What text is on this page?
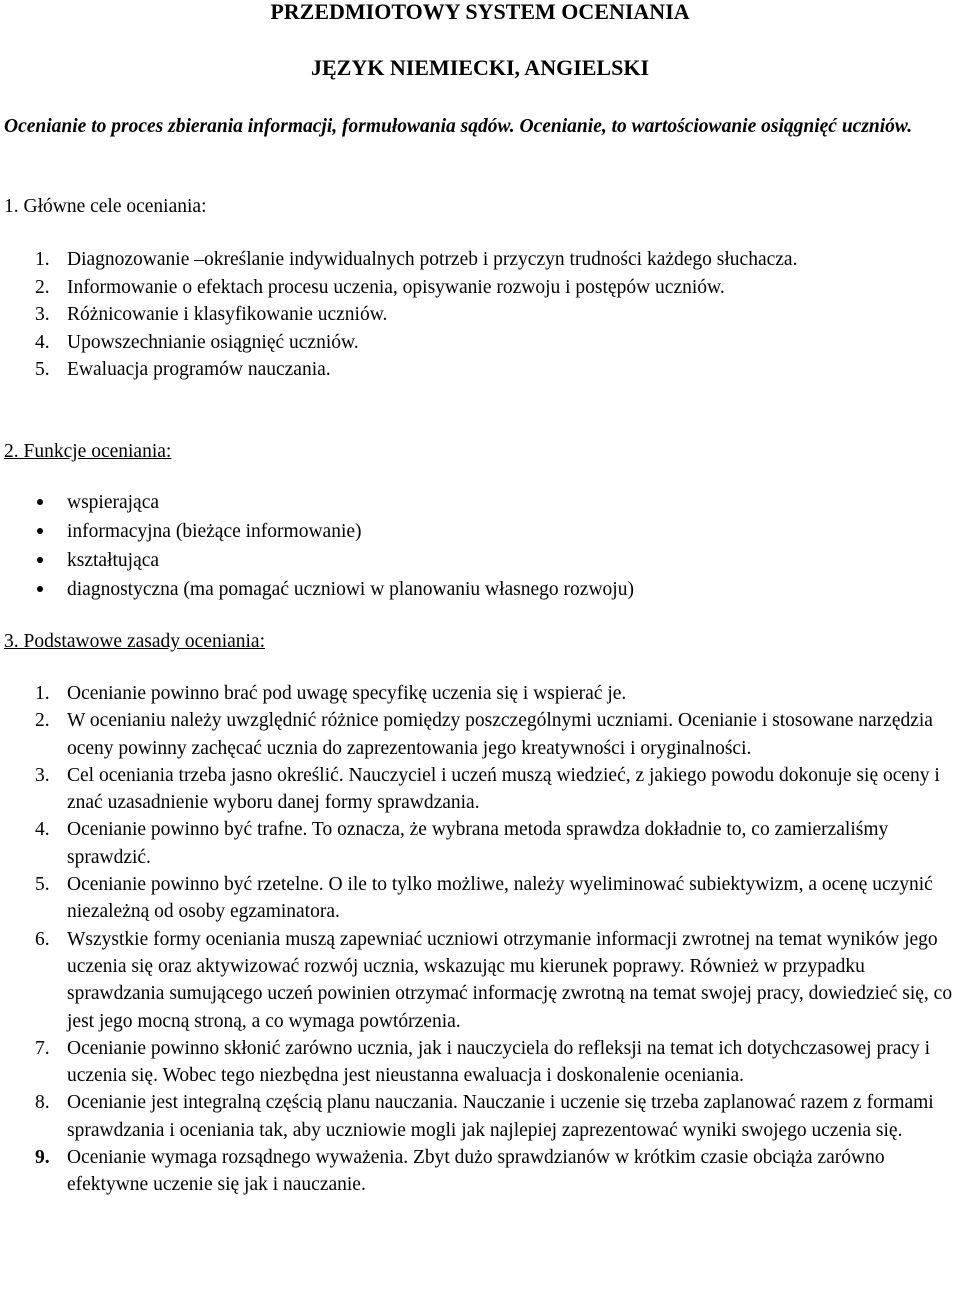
PRZEDMIOTOWY SYSTEM OCENIANIA
JĘZYK NIEMIECKI, ANGIELSKI

Ocenianie to proces zbierania informacji, formułowania sądów. Ocenianie, to wartościowanie osiągnięć uczniów.

1. Główne cele oceniania:
1. Diagnozowanie –określanie indywidualnych potrzeb i przyczyn trudności każdego słuchacza.
2. Informowanie o efektach procesu uczenia, opisywanie rozwoju i postępów uczniów.
3. Różnicowanie i klasyfikowanie uczniów.
4. Upowszechnianie osiągnięć uczniów.
5. Ewaluacja programów nauczania.
2. Funkcje oceniania:
wspierająca
informacyjna (bieżące informowanie)
kształtująca
diagnostyczna (ma pomagać uczniowi w planowaniu własnego rozwoju)
3. Podstawowe zasady oceniania:
1. Ocenianie powinno brać pod uwagę specyfikę uczenia się i wspierać je.
2. W ocenianiu należy uwzględnić różnice pomiędzy poszczególnymi uczniami. Ocenianie i stosowane narzędzia oceny powinny zachęcać ucznia do zaprezentowania jego kreatywności i oryginalności.
3. Cel oceniania trzeba jasno określić. Nauczyciel i uczeń muszą wiedzieć, z jakiego powodu dokonuje się oceny i znać uzasadnienie wyboru danej formy sprawdzania.
4. Ocenianie powinno być trafne. To oznacza, że wybrana metoda sprawdza dokładnie to, co zamierzaliśmy sprawdzić.
5. Ocenianie powinno być rzetelne. O ile to tylko możliwe, należy wyeliminować subiektywizm, a ocenę uczynić niezależną od osoby egzaminatora.
6. Wszystkie formy oceniania muszą zapewniać uczniowi otrzymanie informacji zwrotnej na temat wyników jego uczenia się oraz aktywizować rozwój ucznia, wskazując mu kierunek poprawy. Również w przypadku sprawdzania sumującego uczeń powinien otrzymać informację zwrotną na temat swojej pracy, dowiedzieć się, co jest jego mocną stroną, a co wymaga powtórzenia.
7. Ocenianie powinno skłonić zarówno ucznia, jak i nauczyciela do refleksji na temat ich dotychczasowej pracy i uczenia się. Wobec tego niezbędna jest nieustanna ewaluacja i doskonalenie oceniania.
8. Ocenianie jest integralną częścią planu nauczania. Nauczanie i uczenie się trzeba zaplanować razem z formami sprawdzania i oceniania tak, aby uczniowie mogli jak najlepiej zaprezentować wyniki swojego uczenia się.
9. Ocenianie wymaga rozsądnego wyważenia. Zbyt dużo sprawdzianów w krótkim czasie obciąża zarówno efektywne uczenie się jak i nauczanie.
